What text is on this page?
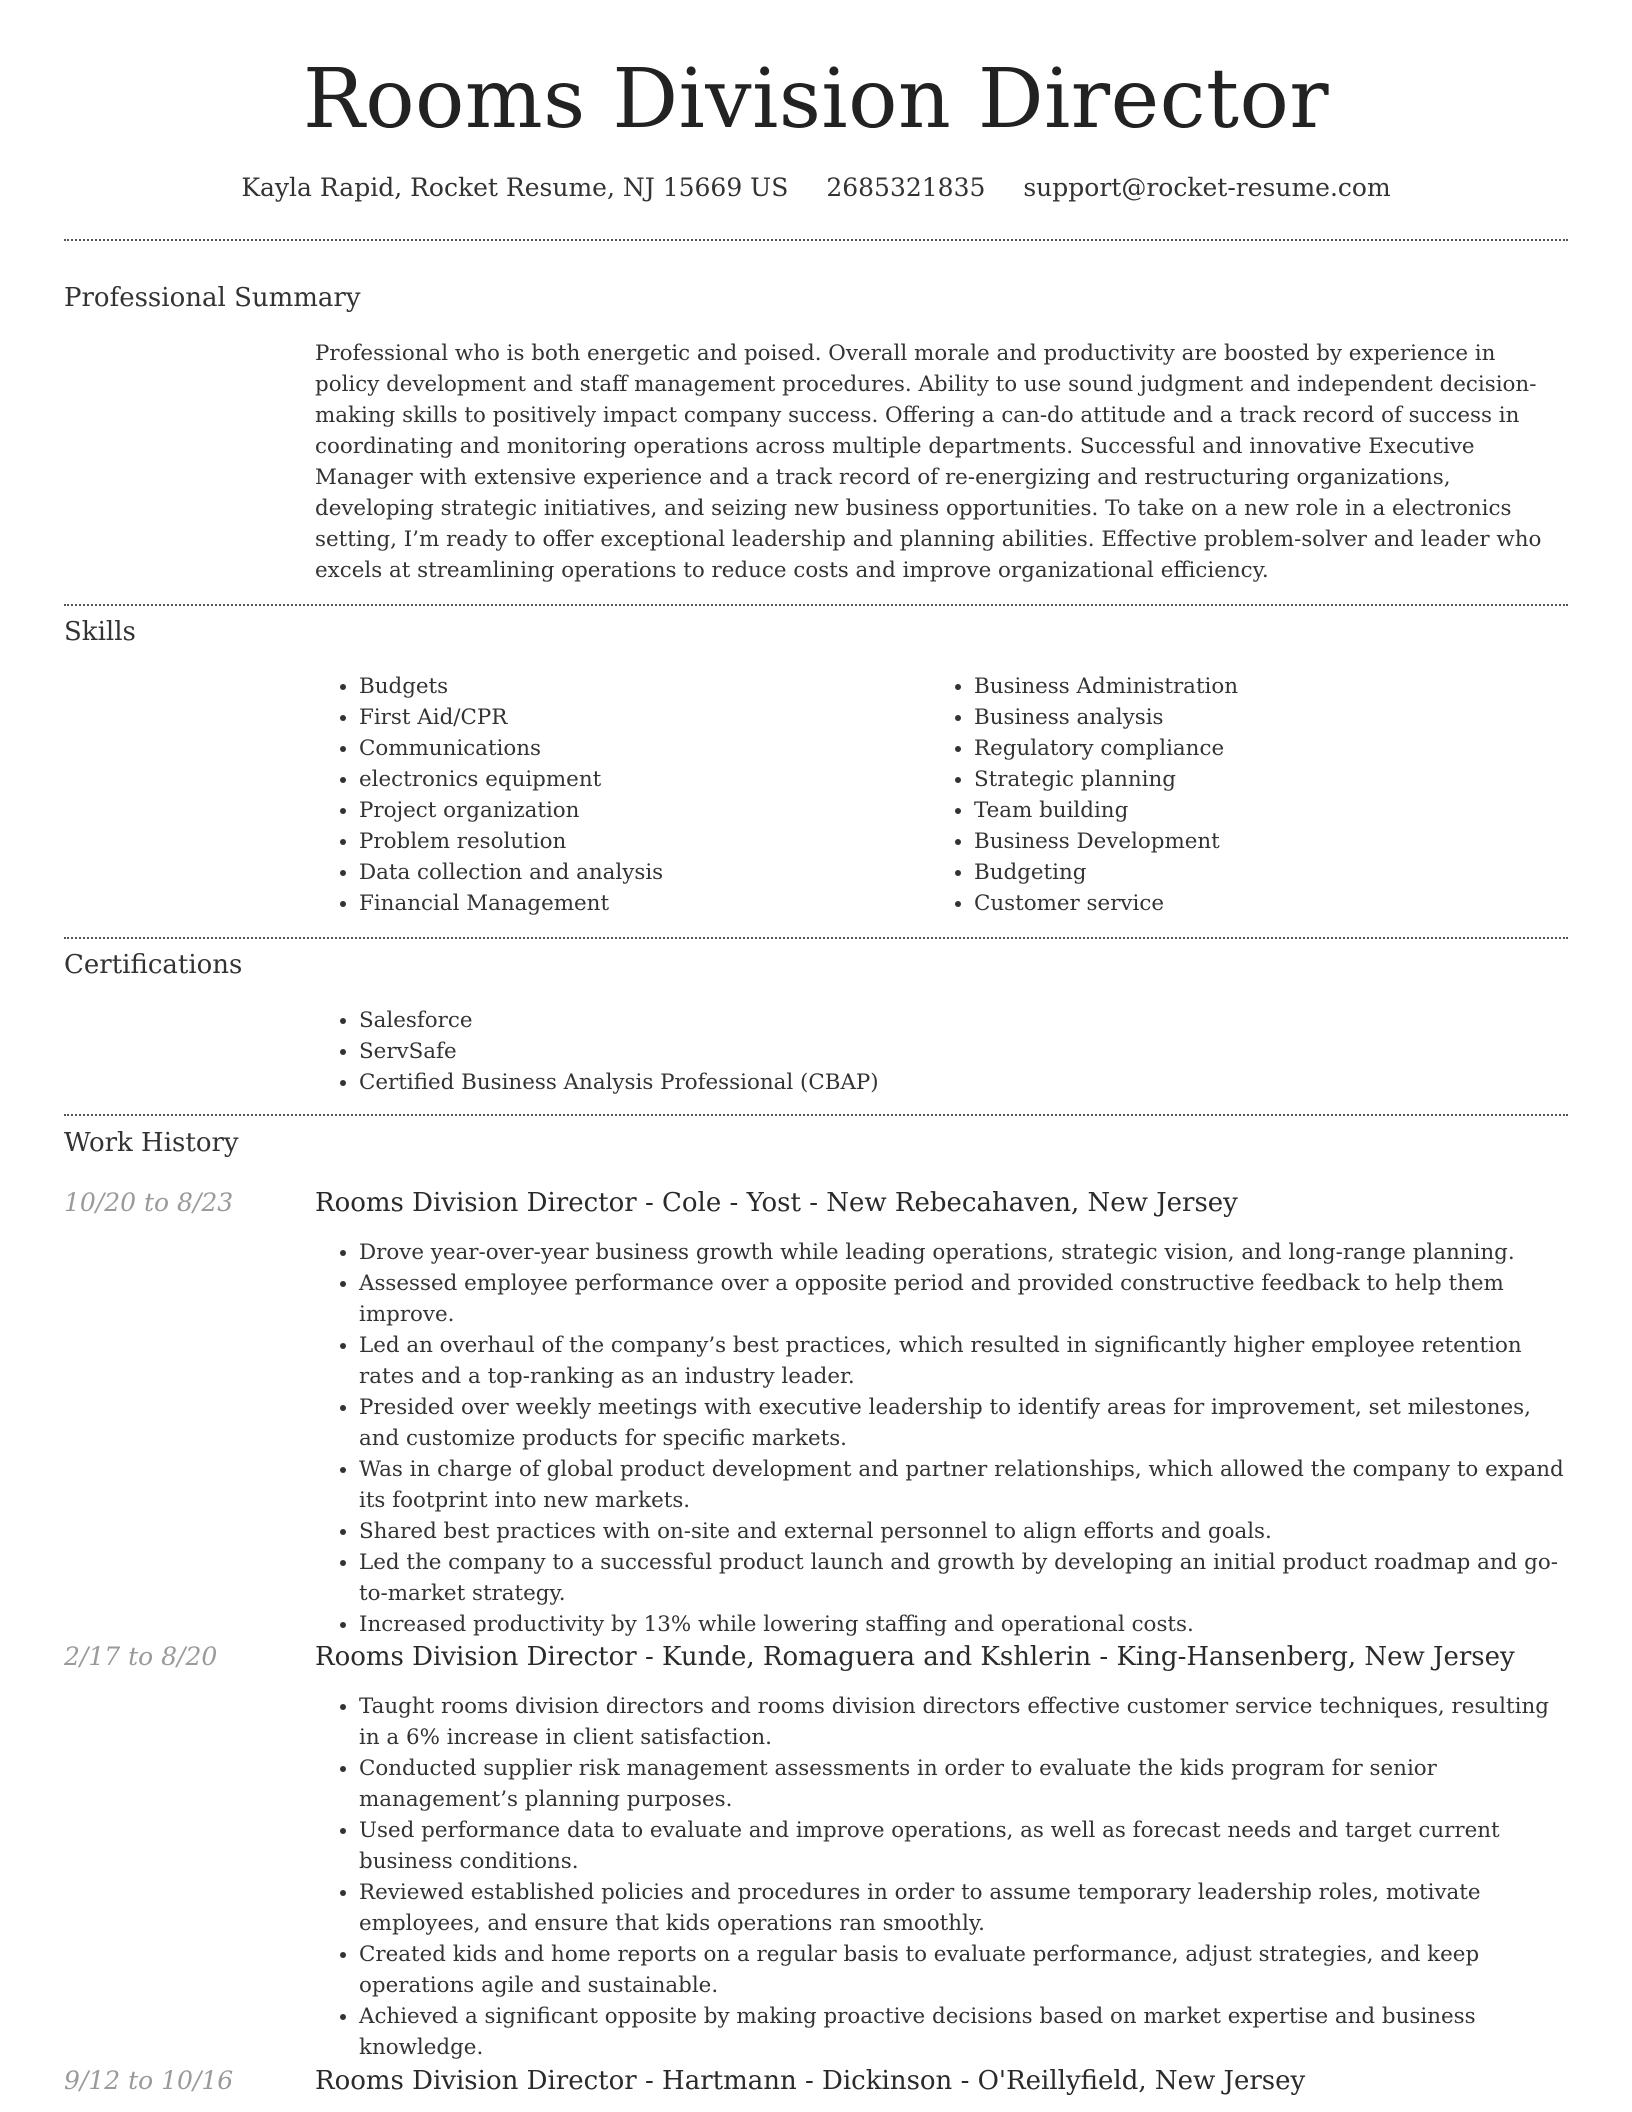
Rooms Division Director
Kayla Rapid, Rocket Resume, NJ 15669 US 2685321835 support@rocket-resume.com
Professional Summary

Professional who is both energetic and poised. Overall morale and productivity are boosted by experience in policy development and staff management procedures. Ability to use sound judgment and independent decision-making skills to positively impact company success. Offering a can-do attitude and a track record of success in coordinating and monitoring operations across multiple departments. Successful and innovative Executive Manager with extensive experience and a track record of re-energizing and restructuring organizations, developing strategic initiatives, and seizing new business opportunities. To take on a new role in a electronics setting, I’m ready to offer exceptional leadership and planning abilities. Effective problem-solver and leader who excels at streamlining operations to reduce costs and improve organizational efficiency.

Skills
• Budgets
• First Aid/CPR
• Communications
• electronics equipment
• Project organization
• Problem resolution
• Data collection and analysis
• Financial Management
• Business Administration
• Business analysis
• Regulatory compliance
• Strategic planning
• Team building
• Business Development
• Budgeting
• Customer service
Certifications
• Salesforce
• ServSafe
• Certified Business Analysis Professional (CBAP)
Work History
10/20 to 8/23	Rooms Division Director - Cole - Yost - New Rebecahaven, New Jersey
• Drove year-over-year business growth while leading operations, strategic vision, and long-range planning.
• Assessed employee performance over a opposite period and provided constructive feedback to help them improve.
• Led an overhaul of the company’s best practices, which resulted in significantly higher employee retention rates and a top-ranking as an industry leader.
• Presided over weekly meetings with executive leadership to identify areas for improvement, set milestones, and customize products for specific markets.
• Was in charge of global product development and partner relationships, which allowed the company to expand its footprint into new markets.
• Shared best practices with on-site and external personnel to align efforts and goals.
• Led the company to a successful product launch and growth by developing an initial product roadmap and go-to-market strategy.
• Increased productivity by 13% while lowering staffing and operational costs.
2/17 to 8/20	Rooms Division Director - Kunde, Romaguera and Kshlerin - King-Hansenberg, New Jersey
• Taught rooms division directors and rooms division directors effective customer service techniques, resulting in a 6% increase in client satisfaction.
• Conducted supplier risk management assessments in order to evaluate the kids program for senior management’s planning purposes.
• Used performance data to evaluate and improve operations, as well as forecast needs and target current business conditions.
• Reviewed established policies and procedures in order to assume temporary leadership roles, motivate employees, and ensure that kids operations ran smoothly.
• Created kids and home reports on a regular basis to evaluate performance, adjust strategies, and keep operations agile and sustainable.
• Achieved a significant opposite by making proactive decisions based on market expertise and business knowledge.
9/12 to 10/16	Rooms Division Director - Hartmann - Dickinson - O'Reillyfield, New Jersey
